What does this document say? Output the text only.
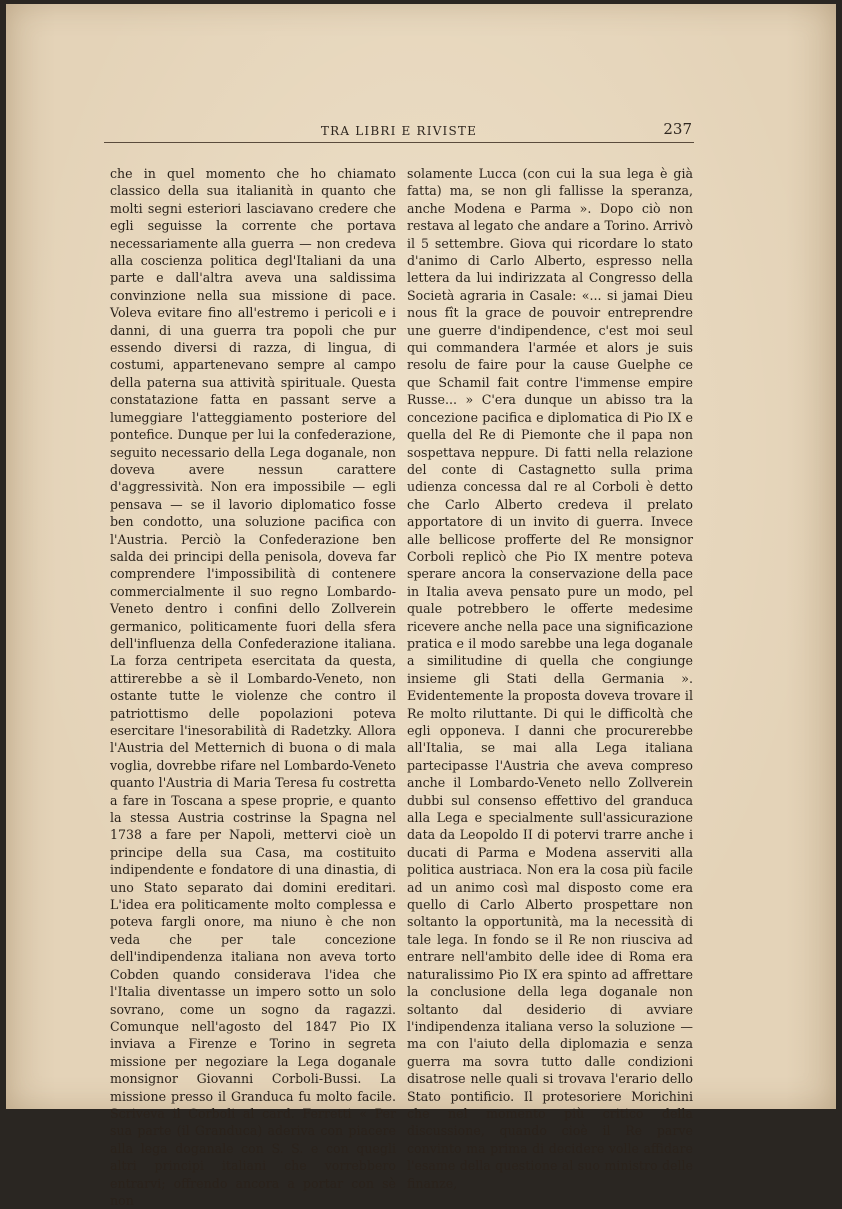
TRA LIBRI E RIVISTE	237

che in quel momento che ho chiamato classico della sua italianità in quanto che molti segni esteriori lasciavano credere che egli seguisse la corrente che portava necessariamente alla guerra — non credeva alla coscienza politica degl'Italiani da una parte e dall'altra aveva una saldissima convinzione nella sua missione di pace. Voleva evitare fino all'estremo i pericoli e i danni, di una guerra tra popoli che pur essendo diversi di razza, di lingua, di costumi, appartenevano sempre al campo della paterna sua attività spirituale. Questa constatazione fatta en passant serve a lumeggiare l'atteggiamento posteriore del pontefice. Dunque per lui la confederazione, seguito necessario della Lega doganale, non doveva avere nessun carattere d'aggressività. Non era impossibile — egli pensava — se il lavorio diplomatico fosse ben condotto, una soluzione pacifica con l'Austria. Perciò la Confederazione ben salda dei principi della penisola, doveva far comprendere l'impossibilità di contenere commercialmente il suo regno Lombardo-Veneto dentro i confini dello Zollverein germanico, politicamente fuori della sfera dell'influenza della Confederazione italiana. La forza centripeta esercitata da questa, attirerebbe a sè il Lombardo-Veneto, non ostante tutte le violenze che contro il patriottismo delle popolazioni poteva esercitare l'inesorabilità di Radetzky. Allora l'Austria del Metternich di buona o di mala voglia, dovrebbe rifare nel Lombardo-Veneto quanto l'Austria di Maria Teresa fu costretta a fare in Toscana a spese proprie, e quanto la stessa Austria costrinse la Spagna nel 1738 a fare per Napoli, mettervi cioè un principe della sua Casa, ma costituito indipendente e fondatore di una dinastia, di uno Stato separato dai domini ereditari. L'idea era politicamente molto complessa e poteva fargli onore, ma niuno è che non veda che per tale concezione dell'indipendenza italiana non aveva torto Cobden quando considerava l'idea che l'Italia diventasse un impero sotto un solo sovrano, come un sogno da ragazzi. Comunque nell'agosto del 1847 Pio IX inviava a Firenze e Torino in segreta missione per negoziare la Lega doganale monsignor Giovanni Corboli-Bussi. La missione presso il Granduca fu molto facile. Scriveva il Corboli al card. Ferretti « Per sua parte (il Granduca) aderiva con piacere alla lega doganale con S. S. e con quegli altri principi italiani che vorrebbero entrarvi; offrendo ancora a portar con sè non

solamente Lucca (con cui la sua lega è già fatta) ma, se non gli fallisse la speranza, anche Modena e Parma ». Dopo ciò non restava al legato che andare a Torino. Arrivò il 5 settembre. Giova qui ricordare lo stato d'animo di Carlo Alberto, espresso nella lettera da lui indirizzata al Congresso della Società agraria in Casale: «... si jamai Dieu nous fît la grace de pouvoir entreprendre une guerre d'indipendence, c'est moi seul qui commandera l'armée et alors je suis resolu de faire pour la cause Guelphe ce que Schamil fait contre l'immense empire Russe... » C'era dunque un abisso tra la concezione pacifica e diplomatica di Pio IX e quella del Re di Piemonte che il papa non sospettava neppure. Di fatti nella relazione del conte di Castagnetto sulla prima udienza concessa dal re al Corboli è detto che Carlo Alberto credeva il prelato apportatore di un invito di guerra. Invece alle bellicose profferte del Re monsignor Corboli replicò che Pio IX mentre poteva sperare ancora la conservazione della pace in Italia aveva pensato pure un modo, pel quale potrebbero le offerte medesime ricevere anche nella pace una significazione pratica e il modo sarebbe una lega doganale a similitudine di quella che congiunge insieme gli Stati della Germania ». Evidentemente la proposta doveva trovare il Re molto riluttante. Di qui le difficoltà che egli opponeva. I danni che procurerebbe all'Italia, se mai alla Lega italiana partecipasse l'Austria che aveva compreso anche il Lombardo-Veneto nello Zollverein dubbi sul consenso effettivo del granduca alla Lega e specialmente sull'assicurazione data da Leopoldo II di potervi trarre anche i ducati di Parma e Modena asserviti alla politica austriaca. Non era la cosa più facile ad un animo così mal disposto come era quello di Carlo Alberto prospettare non soltanto la opportunità, ma la necessità di tale lega. In fondo se il Re non riusciva ad entrare nell'ambito delle idee di Roma era naturalissimo Pio IX era spinto ad affrettare la conclusione della lega doganale non soltanto dal desiderio di avviare l'indipendenza italiana verso la soluzione — ma con l'aiuto della diplomazia e senza guerra ma sovra tutto dalle condizioni disatrose nelle quali si trovava l'erario dello Stato pontificio. Il protesoriere Morichini che nel momento più critico della discussione, quando cioè il Re parve convinto ma prima di decidere volle affidare l'esame della questione al suo ministro delle finanze,
